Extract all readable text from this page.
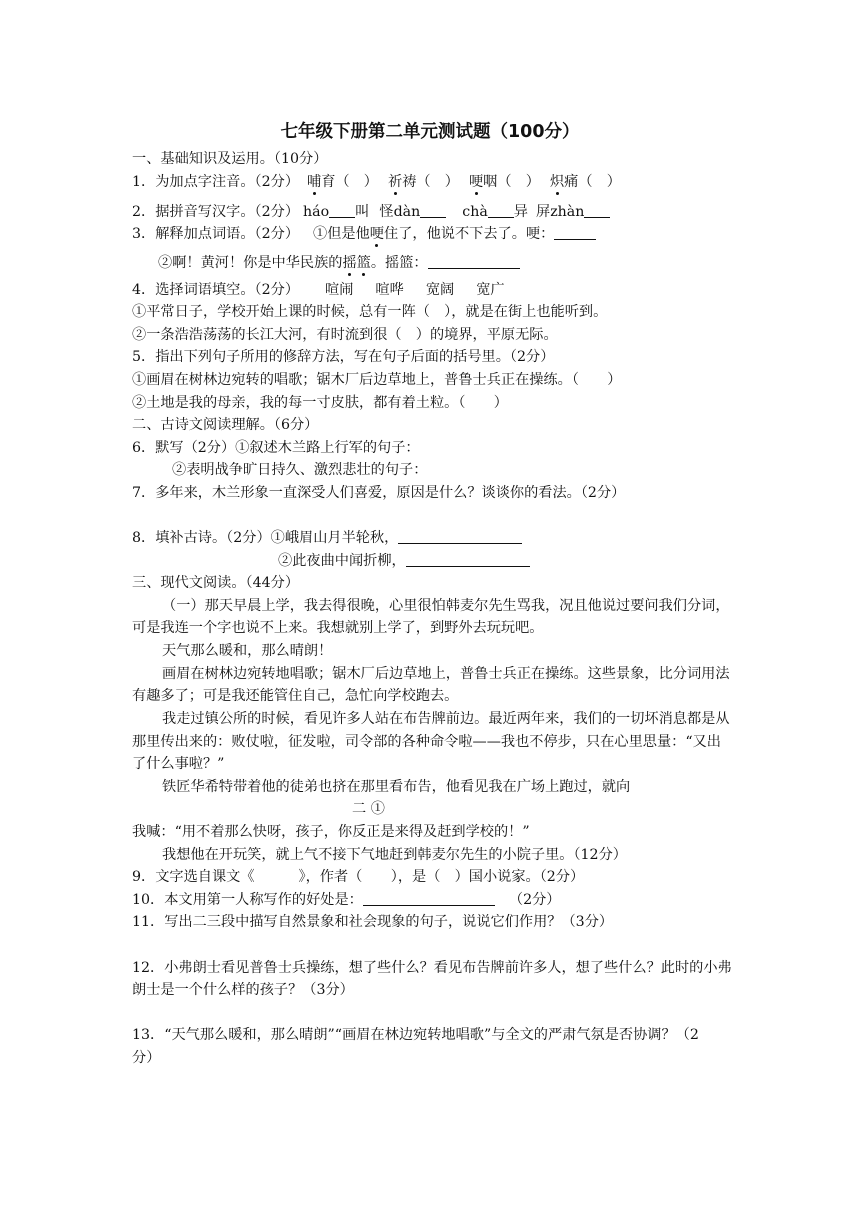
七年级下册第二单元测试题（100分）
一、基础知识及运用。（10分）
1．为加点字注音。（2分） 哺育（　） 祈祷（　） 哽咽（　） 炽痛（　）
2．据拼音写汉字。（2分） háo 叫 怪dàn	chà 异 屏zhàn
3．解释加点词语。（2分） ①但是他哽住了，他说不下去了。哽：
②啊！黄河！你是中华民族的摇篮。摇篮：
4．选择词语填空。（2分） 喧闹 喧哗 宽阔 宽广
①平常日子，学校开始上课的时候，总有一阵（　），就是在街上也能听到。
②一条浩浩荡荡的长江大河，有时流到很（　）的境界，平原无际。
5．指出下列句子所用的修辞方法，写在句子后面的括号里。（2分）
①画眉在树林边宛转的唱歌；锯木厂后边草地上，普鲁士兵正在操练。（　　）
②土地是我的母亲，我的每一寸皮肤，都有着土粒。（　　）
二、古诗文阅读理解。（6分）
6．默写（2分）①叙述木兰路上行军的句子：
②表明战争旷日持久、激烈悲壮的句子：
7．多年来，木兰形象一直深受人们喜爱，原因是什么？谈谈你的看法。（2分）
8．填补古诗。（2分）①峨眉山月半轮秋，
②此夜曲中闻折柳，
三、现代文阅读。（44分）
（一）那天早晨上学，我去得很晚，心里很怕韩麦尔先生骂我，况且他说过要问我们分词，
可是我连一个字也说不上来。我想就别上学了，到野外去玩玩吧。
天气那么暖和，那么晴朗！
画眉在树林边宛转地唱歌；锯木厂后边草地上，普鲁士兵正在操练。这些景象，比分词用法
有趣多了；可是我还能管住自己，急忙向学校跑去。
我走过镇公所的时候，看见许多人站在布告牌前边。最近两年来，我们的一切坏消息都是从
那里传出来的：败仗啦，征发啦，司令部的各种命令啦——我也不停步，只在心里思量：“又出
了什么事啦？”
铁匠华希特带着他的徒弟也挤在那里看布告，他看见我在广场上跑过，就向
二 ①
我喊：“用不着那么快呀，孩子，你反正是来得及赶到学校的！”
我想他在开玩笑，就上气不接下气地赶到韩麦尔先生的小院子里。（12分）
9．文字选自课文《	》，作者（　　），是（　）国小说家。（2分）
10．本文用第一人称写作的好处是：	（2分）
11．写出二三段中描写自然景象和社会现象的句子，说说它们作用？（3分）
12．小弗朗士看见普鲁士兵操练，想了些什么？看见布告牌前许多人，想了些什么？此时的小弗
朗士是一个什么样的孩子？（3分）
13．“天气那么暖和，那么晴朗”“画眉在林边宛转地唱歌”与全文的严肃气氛是否协调？（2
分）
